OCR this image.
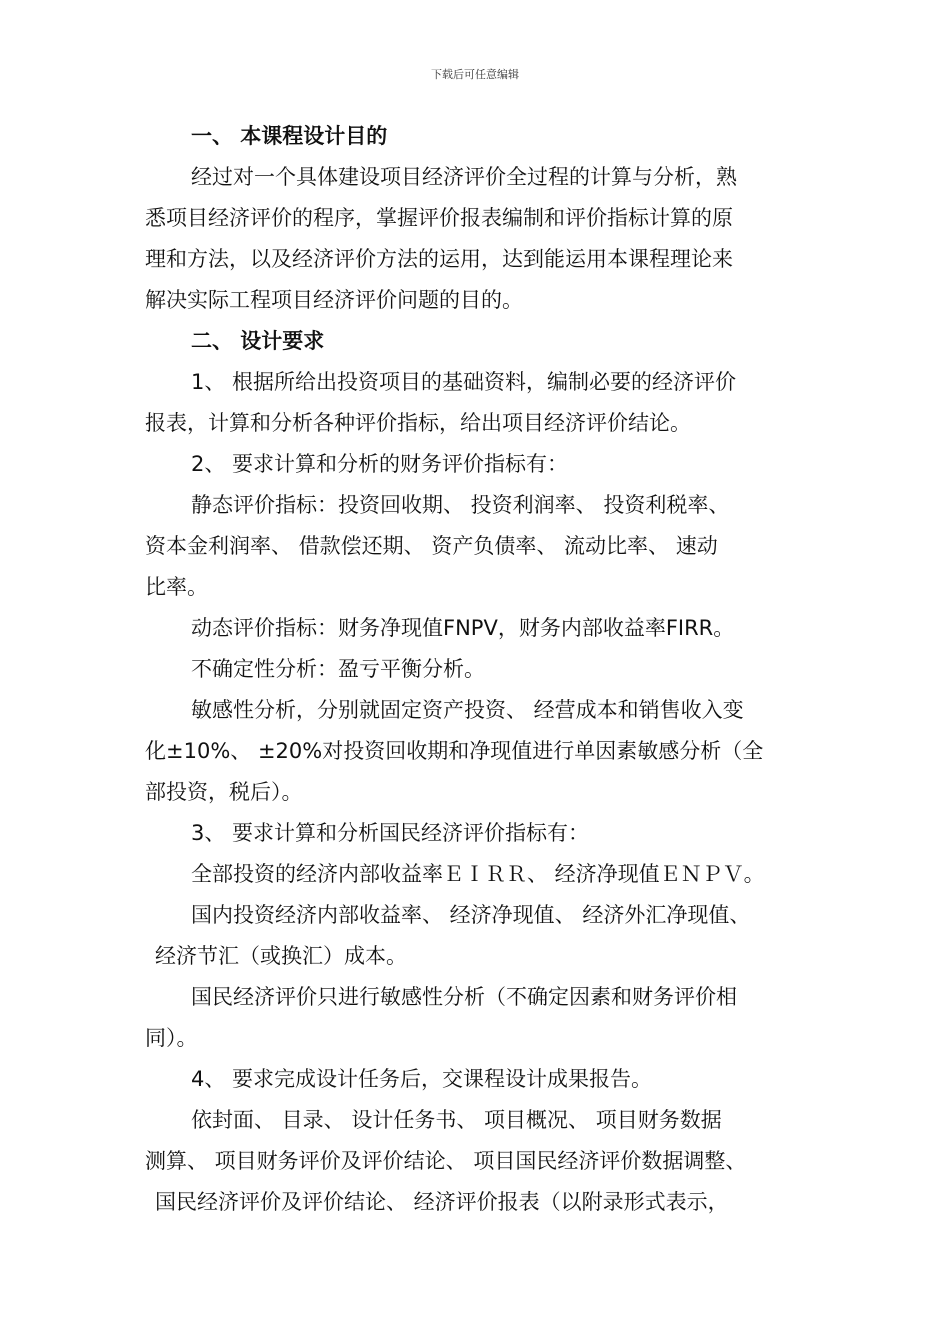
下载后可任意编辑
一、 本课程设计目的
经过对一个具体建设项目经济评价全过程的计算与分析，熟
悉项目经济评价的程序，掌握评价报表编制和评价指标计算的原
理和方法，以及经济评价方法的运用，达到能运用本课程理论来
解决实际工程项目经济评价问题的目的。
二、 设计要求
1、 根据所给出投资项目的基础资料，编制必要的经济评价
报表，计算和分析各种评价指标，给出项目经济评价结论。
2、 要求计算和分析的财务评价指标有：
静态评价指标：投资回收期、 投资利润率、 投资利税率、
资本金利润率、 借款偿还期、 资产负债率、 流动比率、 速动
比率。
动态评价指标：财务净现值FNPV，财务内部收益率FIRR。
不确定性分析：盈亏平衡分析。
敏感性分析，分别就固定资产投资、 经营成本和销售收入变
化±10%、 ±20%对投资回收期和净现值进行单因素敏感分析（全
部投资，税后）。
3、 要求计算和分析国民经济评价指标有：
全部投资的经济内部收益率ＥＩＲＲ、 经济净现值ＥＮＰＶ。
国内投资经济内部收益率、 经济净现值、 经济外汇净现值、
经济节汇（或换汇）成本。
国民经济评价只进行敏感性分析（不确定因素和财务评价相
同）。
4、 要求完成设计任务后，交课程设计成果报告。
依封面、 目录、 设计任务书、 项目概况、 项目财务数据
测算、 项目财务评价及评价结论、 项目国民经济评价数据调整、
国民经济评价及评价结论、 经济评价报表（以附录形式表示，
